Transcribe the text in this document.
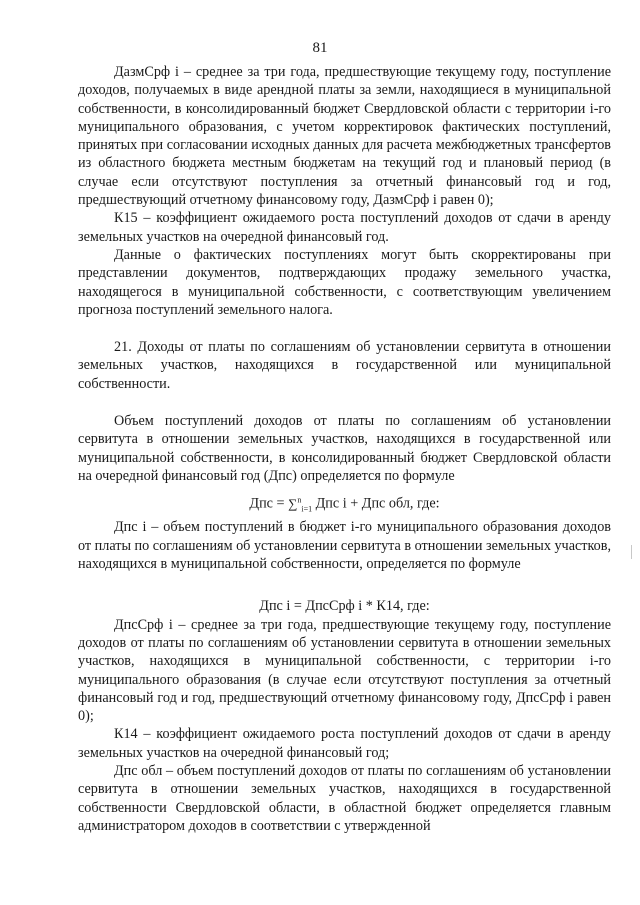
81

ДазмСрф i – среднее за три года, предшествующие текущему году, поступление доходов, получаемых в виде арендной платы за земли, находящиеся в муниципальной собственности, в консолидированный бюджет Свердловской области с территории i-го муниципального образования, с учетом корректировок фактических поступлений, принятых при согласовании исходных данных для расчета межбюджетных трансфертов из областного бюджета местным бюджетам на текущий год и плановый период (в случае если отсутствуют поступления за отчетный финансовый год и год, предшествующий отчетному финансовому году, ДазмСрф i равен 0);

К15 – коэффициент ожидаемого роста поступлений доходов от сдачи в аренду земельных участков на очередной финансовый год.

Данные о фактических поступлениях могут быть скорректированы при представлении документов, подтверждающих продажу земельного участка, находящегося в муниципальной собственности, с соответствующим увеличением прогноза поступлений земельного налога.

21. Доходы от платы по соглашениям об установлении сервитута в отношении земельных участков, находящихся в государственной или муниципальной собственности.

Объем поступлений доходов от платы по соглашениям об установлении сервитута в отношении земельных участков, находящихся в государственной или муниципальной собственности, в консолидированный бюджет Свердловской области на очередной финансовый год (Дпс) определяется по формуле

Дпс = ∑$^n_{i=1}$ Дпс i + Дпс обл, где:

Дпс i – объем поступлений в бюджет i-го муниципального образования доходов от платы по соглашениям об установлении сервитута в отношении земельных участков, находящихся в муниципальной собственности, определяется по формуле

Дпс i = ДпсСрф i * К14, где:

ДпсСрф i – среднее за три года, предшествующие текущему году, поступление доходов от платы по соглашениям об установлении сервитута в отношении земельных участков, находящихся в муниципальной собственности, с территории i-го муниципального образования (в случае если отсутствуют поступления за отчетный финансовый год и год, предшествующий отчетному финансовому году, ДпсСрф i равен 0);

К14 – коэффициент ожидаемого роста поступлений доходов от сдачи в аренду земельных участков на очередной финансовый год;

Дпс обл – объем поступлений доходов от платы по соглашениям об установлении сервитута в отношении земельных участков, находящихся в государственной собственности Свердловской области, в областной бюджет определяется главным администратором доходов в соответствии с утвержденной
